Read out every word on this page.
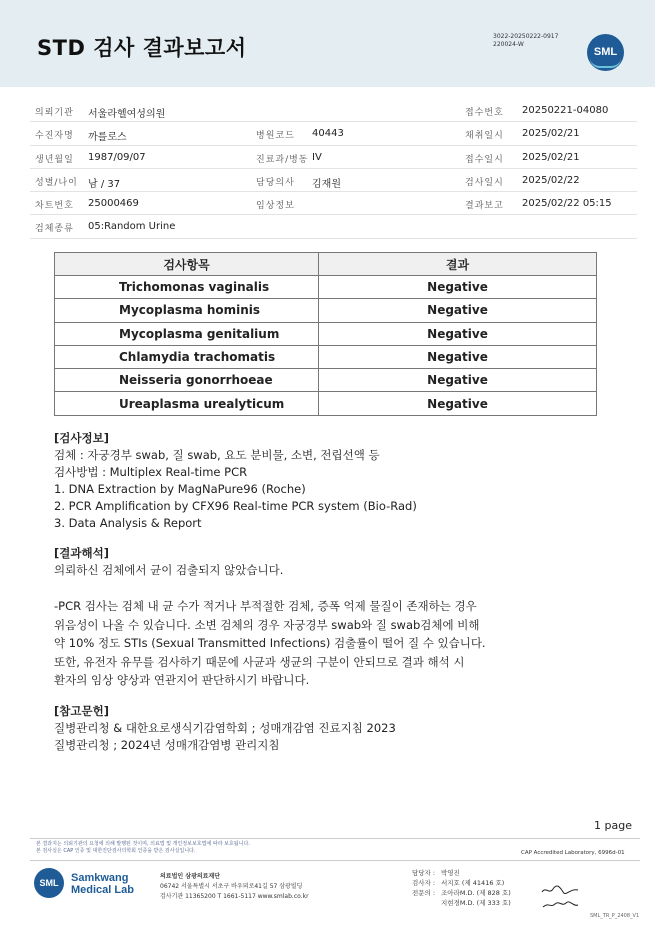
STD 검사 결과보고서	3022-20250222-0917
220024-W
SML
의뢰기관 서울라헬여성의원	접수번호 20250221-04080
수진자명 까를로스	병원코드 40443	채취일시 2025/02/21
생년월일 1987/09/07	진료과/병동 IV	접수일시 2025/02/21
성별/나이 남 / 37	담당의사 김재원	검사일시 2025/02/22
차트번호 25000469	임상정보	결과보고 2025/02/22 05:15
검체종류 05:Random Urine
검사항목	결과
Trichomonas vaginalis	Negative
Mycoplasma hominis	Negative
Mycoplasma genitalium	Negative
Chlamydia trachomatis	Negative
Neisseria gonorrhoeae	Negative
Ureaplasma urealyticum	Negative
[검사정보]
검체 : 자궁경부 swab, 질 swab, 요도 분비물, 소변, 전립선액 등
검사방법 : Multiplex Real-time PCR
1. DNA Extraction by MagNaPure96 (Roche)
2. PCR Amplification by CFX96 Real-time PCR system (Bio-Rad)
3. Data Analysis & Report
[결과해석]
의뢰하신 검체에서 균이 검출되지 않았습니다.
-PCR 검사는 검체 내 균 수가 적거나 부적절한 검체, 증폭 억제 물질이 존재하는 경우
위음성이 나올 수 있습니다. 소변 검체의 경우 자궁경부 swab와 질 swab검체에 비해
약 10% 정도 STIs (Sexual Transmitted Infections) 검출률이 떨어 질 수 있습니다.
또한, 유전자 유무를 검사하기 때문에 사균과 생균의 구분이 안되므로 결과 해석 시
환자의 임상 양상과 연관지어 판단하시기 바랍니다.
[참고문헌]
질병관리청 & 대한요로생식기감염학회 ; 성매개감염 진료지침 2023
질병관리청 ; 2024년 성매개감염병 관리지침
1 page
본 결과지는 의뢰기관의 요청에 의해 발행된 것이며, 의료법 및 개인정보보호법에 따라 보호됩니다.
본 검사실은 CAP 인증 및 대한진단검사의학회 인증을 받은 검사실입니다.	CAP Accredited Laboratory, 6996d-01
SML	Samkwang
Medical Lab
의료법인 삼광의료재단
06742 서울특별시 서초구 바우뫼로41길 57 삼광빌딩
검사기관 11365200 T 1661-5117 www.smlab.co.kr
담당자 : 박영진
검사자 : 서지호 (제 41416 호)
전문의 : 조아라M.D. (제 828 호)
지현경M.D. (제 333 호)
SML_TR_P_2408_V1
